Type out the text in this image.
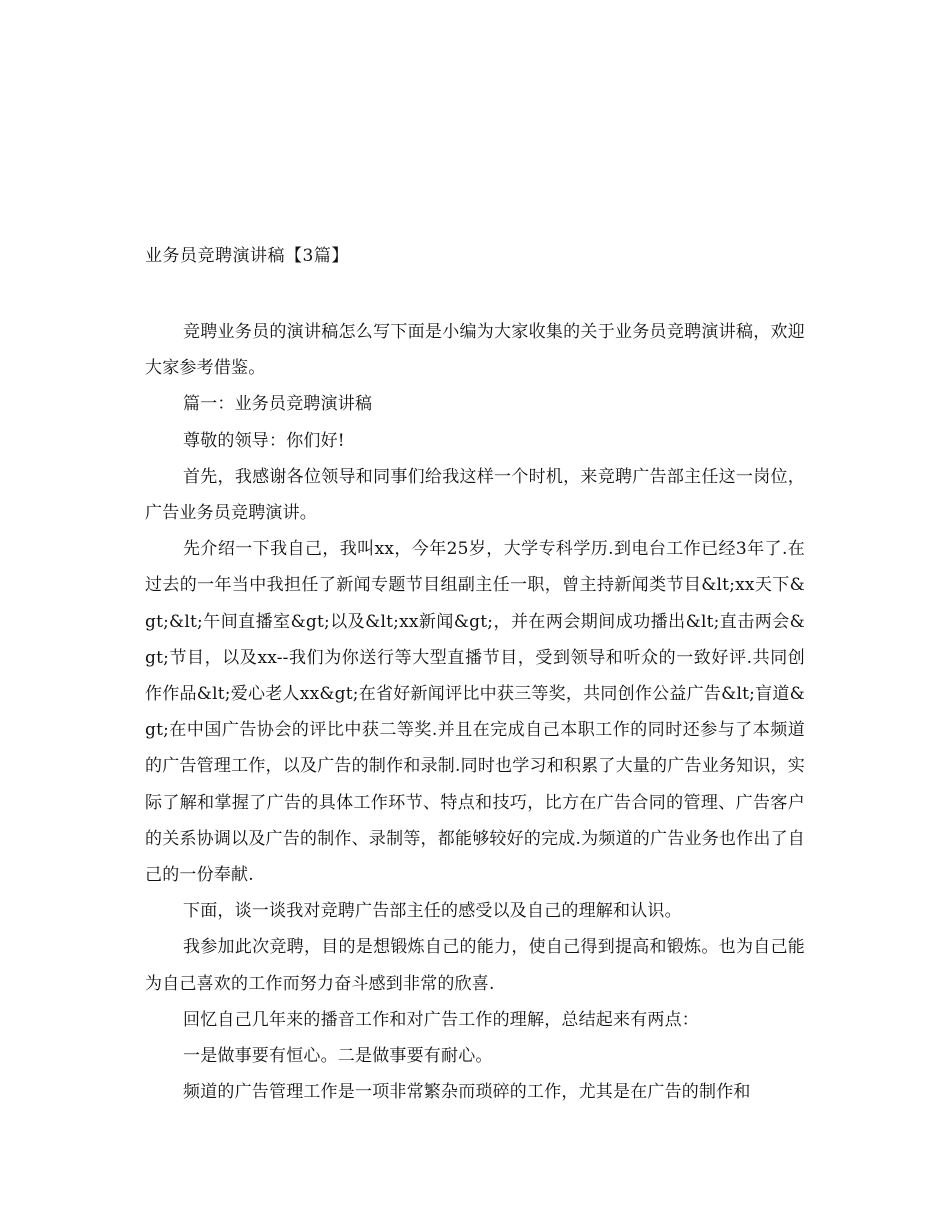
业务员竞聘演讲稿【3篇】

竞聘业务员的演讲稿怎么写下面是小编为大家收集的关于业务员竞聘演讲稿，欢迎大家参考借鉴。

篇一：业务员竞聘演讲稿

尊敬的领导：你们好!

首先，我感谢各位领导和同事们给我这样一个时机，来竞聘广告部主任这一岗位，广告业务员竞聘演讲。

先介绍一下我自己，我叫xx，今年25岁，大学专科学历.到电台工作已经3年了.在过去的一年当中我担任了新闻专题节目组副主任一职，曾主持新闻类节目&lt;xx天下&gt;&lt;午间直播室&gt;以及&lt;xx新闻&gt;，并在两会期间成功播出&lt;直击两会&gt;节目，以及xx--我们为你送行等大型直播节目，受到领导和听众的一致好评.共同创作作品&lt;爱心老人xx&gt;在省好新闻评比中获三等奖，共同创作公益广告&lt;盲道&gt;在中国广告协会的评比中获二等奖.并且在完成自己本职工作的同时还参与了本频道的广告管理工作，以及广告的制作和录制.同时也学习和积累了大量的广告业务知识，实际了解和掌握了广告的具体工作环节、特点和技巧，比方在广告合同的管理、广告客户的关系协调以及广告的制作、录制等，都能够较好的完成.为频道的广告业务也作出了自己的一份奉献.

下面，谈一谈我对竞聘广告部主任的感受以及自己的理解和认识。

我参加此次竞聘，目的是想锻炼自己的能力，使自己得到提高和锻炼。也为自己能为自己喜欢的工作而努力奋斗感到非常的欣喜.

回忆自己几年来的播音工作和对广告工作的理解，总结起来有两点：

一是做事要有恒心。二是做事要有耐心。

频道的广告管理工作是一项非常繁杂而琐碎的工作，尤其是在广告的制作和
